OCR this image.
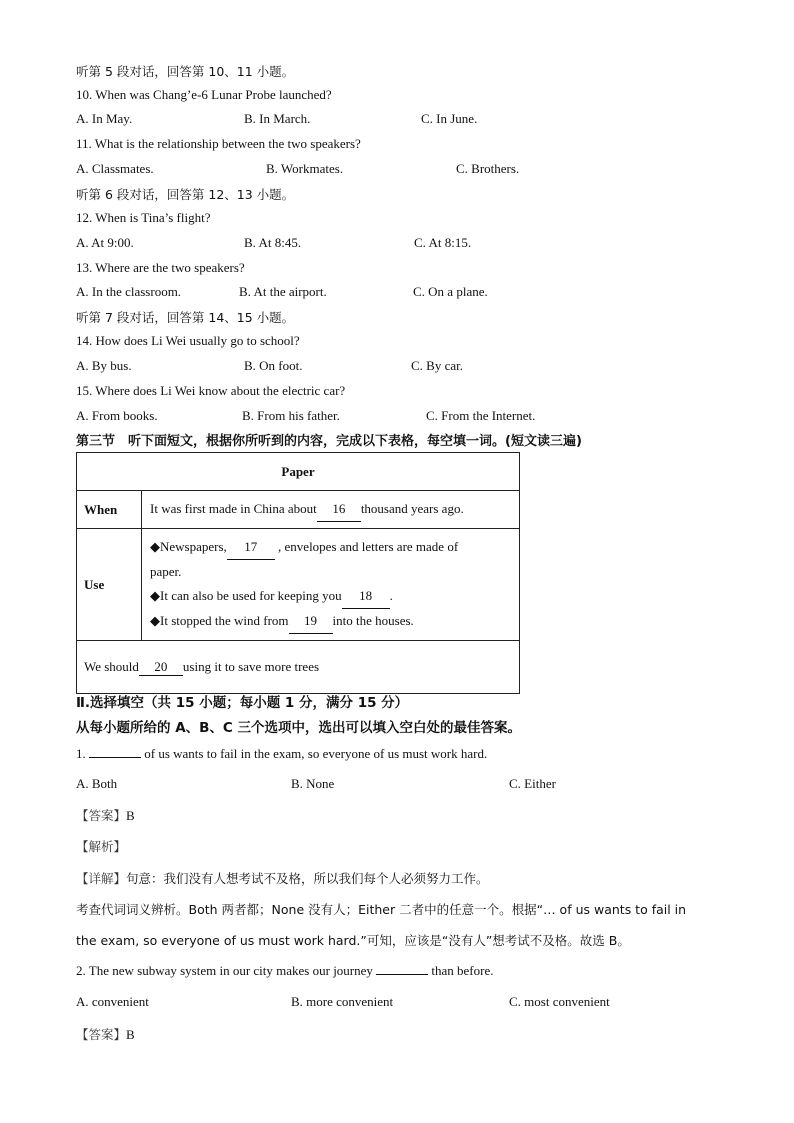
听第 5 段对话，回答第 10、11 小题。
10. When was Chang’e-6 Lunar Probe launched?
A. In May.	B. In March.	C. In June.
11. What is the relationship between the two speakers?
A. Classmates.	B. Workmates.	C. Brothers.
听第 6 段对话，回答第 12、13 小题。
12. When is Tina’s flight?
A. At 9:00.	B. At 8:45.	C. At 8:15.
13. Where are the two speakers?
A. In the classroom.	B. At the airport.	C. On a plane.
听第 7 段对话，回答第 14、15 小题。
14. How does Li Wei usually go to school?
A. By bus.	B. On foot.	C. By car.
15. Where does Li Wei know about the electric car?
A. From books.	B. From his father.	C. From the Internet.
第三节　听下面短文，根据你所听到的内容，完成以下表格，每空填一词。(短文读三遍)
Paper	
When	It was first made in China about 16 thousand years ago.
Use	◆Newspapers, 17 , envelopes and letters are made of
paper.
◆It can also be used for keeping you 18 .
◆It stopped the wind from 19 into the houses.

We should 20 using it to save more trees	
Ⅱ.选择填空（共 15 小题；每小题 1 分，满分 15 分）
从每小题所给的 A、B、C 三个选项中，选出可以填入空白处的最佳答案。
1.	of us wants to fail in the exam, so everyone of us must work hard.
A. Both	B. None	C. Either
【答案】B
【解析】
【详解】句意：我们没有人想考试不及格，所以我们每个人必须努力工作。
考查代词词义辨析。Both 两者都；None 没有人；Either 二者中的任意一个。根据“… of us wants to fail in
the exam, so everyone of us must work hard.”可知，应该是“没有人”想考试不及格。故选 B。
2. The new subway system in our city makes our journey	than before.
A. convenient	B. more convenient	C. most convenient
【答案】B
